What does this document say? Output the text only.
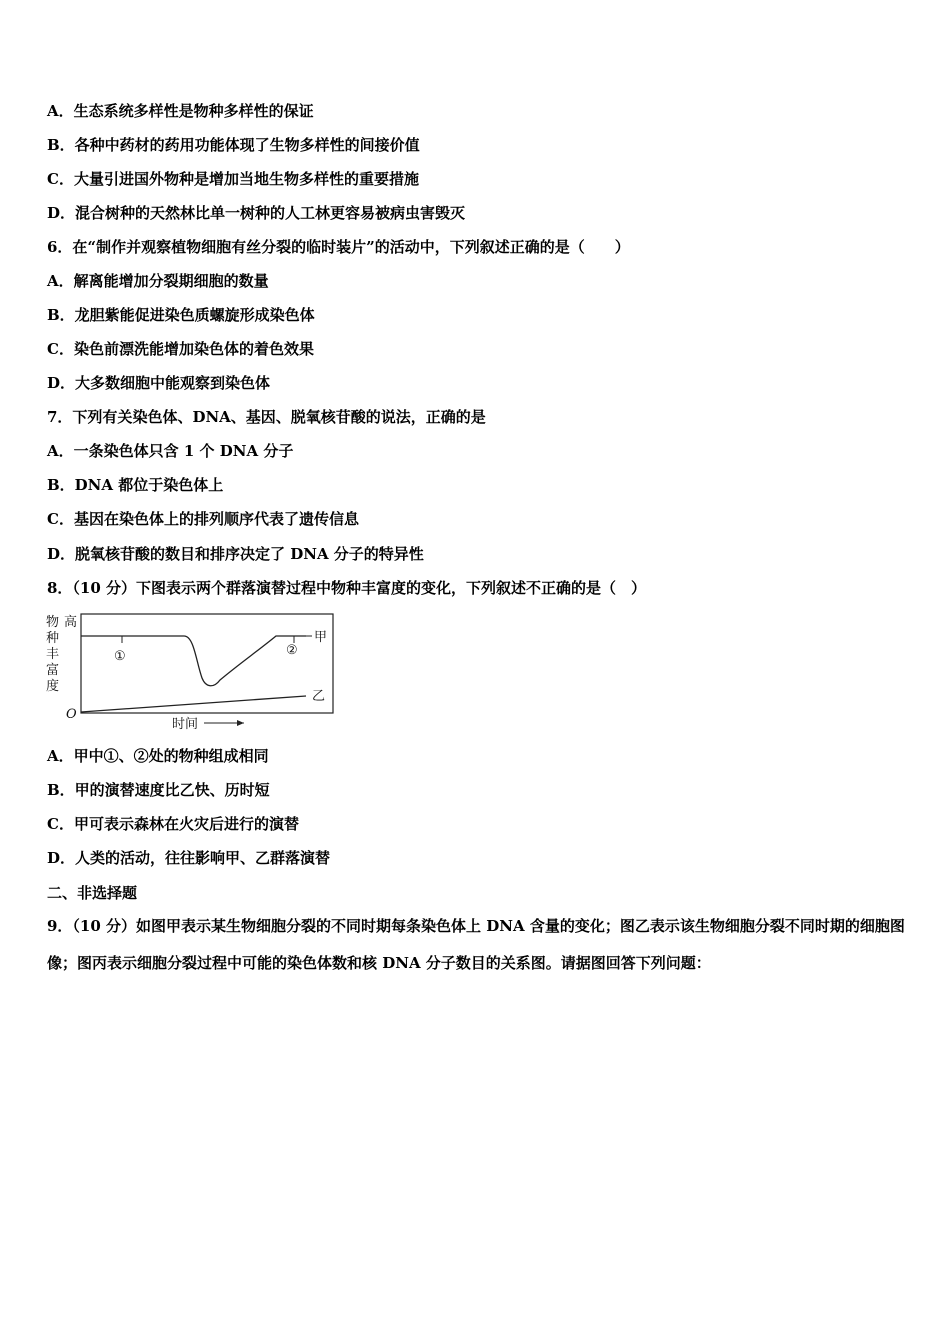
A．生态系统多样性是物种多样性的保证
B．各种中药材的药用功能体现了生物多样性的间接价值
C．大量引进国外物种是增加当地生物多样性的重要措施
D．混合树种的天然林比单一树种的人工林更容易被病虫害毁灭
6．在“制作并观察植物细胞有丝分裂的临时装片”的活动中，下列叙述正确的是（　　）
A．解离能增加分裂期细胞的数量
B．龙胆紫能促进染色质螺旋形成染色体
C．染色前漂洗能增加染色体的着色效果
D．大多数细胞中能观察到染色体
7．下列有关染色体、DNA、基因、脱氧核苷酸的说法，正确的是
A．一条染色体只含 1 个 DNA 分子
B．DNA 都位于染色体上
C．基因在染色体上的排列顺序代表了遗传信息
D．脱氧核苷酸的数目和排序决定了 DNA 分子的特异性
8．（10 分）下图表示两个群落演替过程中物种丰富度的变化，下列叙述不正确的是（　）
物
种
丰
富
度
高
O
甲
①	②
乙
时间
A．甲中①、②处的物种组成相同
B．甲的演替速度比乙快、历时短
C．甲可表示森林在火灾后进行的演替
D．人类的活动，往往影响甲、乙群落演替
二、非选择题
9．（10 分）如图甲表示某生物细胞分裂的不同时期每条染色体上 DNA 含量的变化；图乙表示该生物细胞分裂不同时期的细胞图像；图丙表示细胞分裂过程中可能的染色体数和核 DNA 分子数目的关系图。请据图回答下列问题：
